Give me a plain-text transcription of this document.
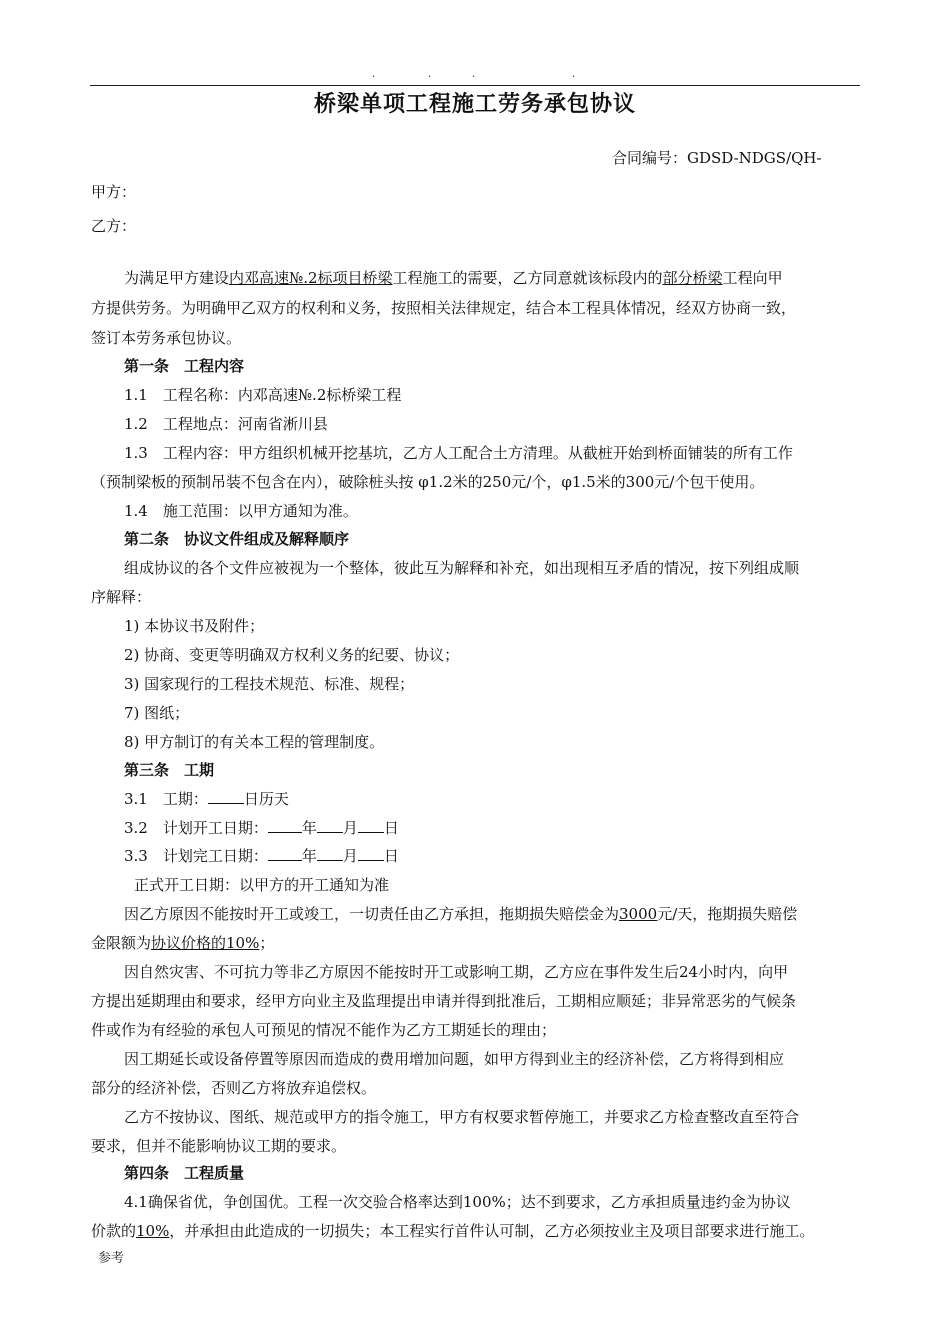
.	.	.	.
桥梁单项工程施工劳务承包协议
合同编号：GDSD-NDGS/QH-
甲方：
乙方：
为满足甲方建设内邓高速№.2标项目桥梁工程施工的需要，乙方同意就该标段内的部分桥梁工程向甲
方提供劳务。为明确甲乙双方的权利和义务，按照相关法律规定，结合本工程具体情况，经双方协商一致，
签订本劳务承包协议。
第一条　工程内容
1.1　工程名称：内邓高速№.2标桥梁工程
1.2　工程地点：河南省淅川县
1.3　工程内容：甲方组织机械开挖基坑，乙方人工配合土方清理。从截桩开始到桥面铺装的所有工作
（预制梁板的预制吊装不包含在内），破除桩头按 φ1.2米的250元/个，φ1.5米的300元/个包干使用。
1.4　施工范围：以甲方通知为准。
第二条　协议文件组成及解释顺序
组成协议的各个文件应被视为一个整体，彼此互为解释和补充，如出现相互矛盾的情况，按下列组成顺
序解释：
1) 本协议书及附件；
2) 协商、变更等明确双方权利义务的纪要、协议；
3) 国家现行的工程技术规范、标准、规程；
7) 图纸；
8) 甲方制订的有关本工程的管理制度。
第三条　工期
3.1　工期： 日历天
3.2　计划开工日期： 年 月 日
3.3　计划完工日期： 年 月 日
正式开工日期：以甲方的开工通知为准
因乙方原因不能按时开工或竣工，一切责任由乙方承担，拖期损失赔偿金为3000元/天，拖期损失赔偿
金限额为协议价格的10%；
因自然灾害、不可抗力等非乙方原因不能按时开工或影响工期，乙方应在事件发生后24小时内，向甲
方提出延期理由和要求，经甲方向业主及监理提出申请并得到批准后，工期相应顺延；非异常恶劣的气候条
件或作为有经验的承包人可预见的情况不能作为乙方工期延长的理由；
因工期延长或设备停置等原因而造成的费用增加问题，如甲方得到业主的经济补偿，乙方将得到相应
部分的经济补偿，否则乙方将放弃追偿权。
乙方不按协议、图纸、规范或甲方的指令施工，甲方有权要求暂停施工，并要求乙方检查整改直至符合
要求，但并不能影响协议工期的要求。
第四条　工程质量
4.1确保省优，争创国优。工程一次交验合格率达到100%；达不到要求，乙方承担质量违约金为协议
价款的10%，并承担由此造成的一切损失；本工程实行首件认可制，乙方必须按业主及项目部要求进行施工。
参考
